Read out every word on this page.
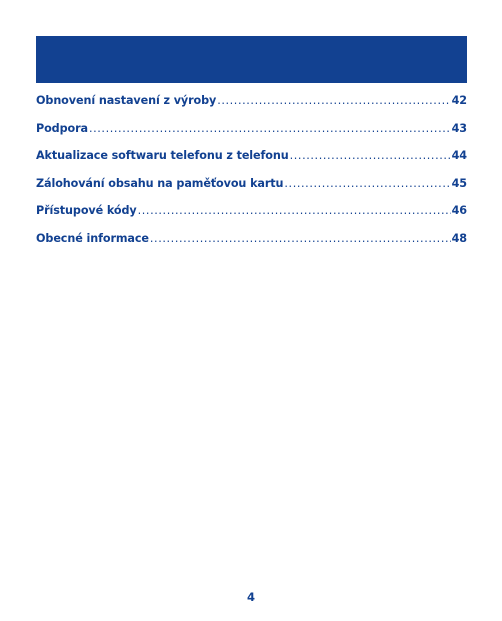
Obnovení nastavení z výroby .....	42
Podpora .....	43
Aktualizace softwaru telefonu z telefonu .....	44
Zálohování obsahu na paměťovou kartu .....	45
Přístupové kódy .....	46
Obecné informace .....	48
4
